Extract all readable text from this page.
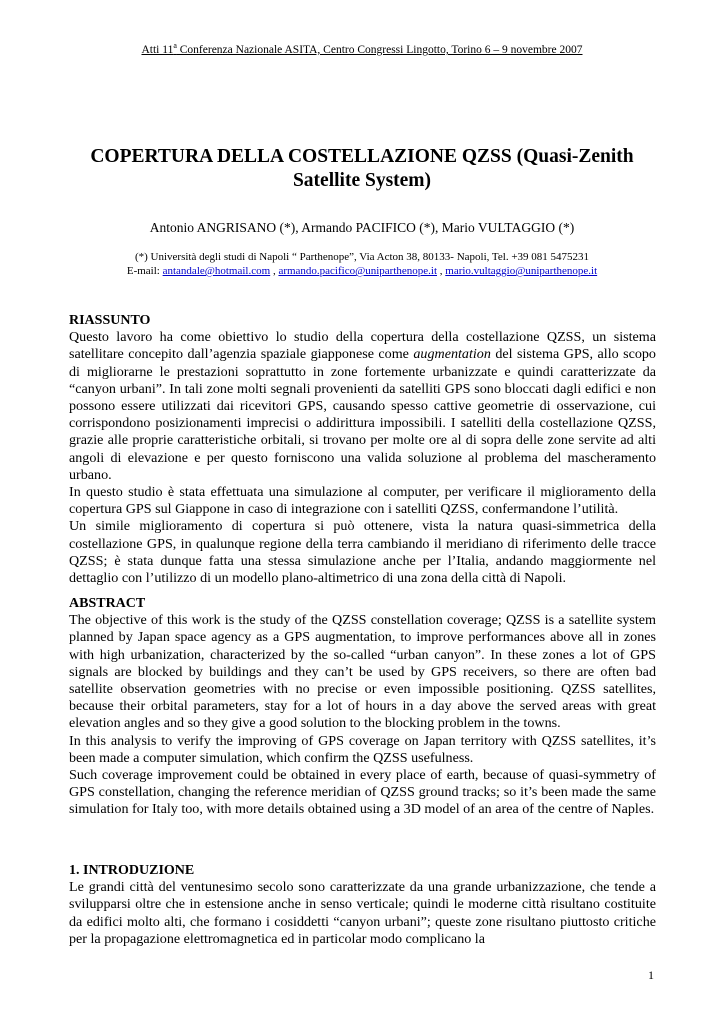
Atti 11$^a$ Conferenza Nazionale ASITA, Centro Congressi Lingotto, Torino 6 – 9 novembre 2007
COPERTURA DELLA COSTELLAZIONE QZSS (Quasi-Zenith Satellite System)
Antonio ANGRISANO (*), Armando PACIFICO (*), Mario VULTAGGIO (*)
(*) Università degli studi di Napoli “ Parthenope”, Via Acton 38, 80133- Napoli, Tel. +39 081 5475231
E-mail: antandale@hotmail.com , armando.pacifico@uniparthenope.it , mario.vultaggio@uniparthenope.it
RIASSUNTO

Questo lavoro ha come obiettivo lo studio della copertura della costellazione QZSS, un sistema satellitare concepito dall’agenzia spaziale giapponese come augmentation del sistema GPS, allo scopo di migliorarne le prestazioni soprattutto in zone fortemente urbanizzate e quindi caratterizzate da “canyon urbani”. In tali zone molti segnali provenienti da satelliti GPS sono bloccati dagli edifici e non possono essere utilizzati dai ricevitori GPS, causando spesso cattive geometrie di osservazione, cui corrispondono posizionamenti imprecisi o addirittura impossibili. I satelliti della costellazione QZSS, grazie alle proprie caratteristiche orbitali, si trovano per molte ore al di sopra delle zone servite ad alti angoli di elevazione e per questo forniscono una valida soluzione al problema del mascheramento urbano.

In questo studio è stata effettuata una simulazione al computer, per verificare il miglioramento della copertura GPS sul Giappone in caso di integrazione con i satelliti QZSS, confermandone l’utilità.

Un simile miglioramento di copertura si può ottenere, vista la natura quasi-simmetrica della costellazione GPS, in qualunque regione della terra cambiando il meridiano di riferimento delle tracce QZSS; è stata dunque fatta una stessa simulazione anche per l’Italia, andando maggiormente nel dettaglio con l’utilizzo di un modello plano-altimetrico di una zona della città di Napoli.

ABSTRACT

The objective of this work is the study of the QZSS constellation coverage; QZSS is a satellite system planned by Japan space agency as a GPS augmentation, to improve performances above all in zones with high urbanization, characterized by the so-called “urban canyon”. In these zones a lot of GPS signals are blocked by buildings and they can’t be used by GPS receivers, so there are often bad satellite observation geometries with no precise or even impossible positioning. QZSS satellites, because their orbital parameters, stay for a lot of hours in a day above the served areas with great elevation angles and so they give a good solution to the blocking problem in the towns.

In this analysis to verify the improving of GPS coverage on Japan territory with QZSS satellites, it’s been made a computer simulation, which confirm the QZSS usefulness.

Such coverage improvement could be obtained in every place of earth, because of quasi-symmetry of GPS constellation, changing the reference meridian of QZSS ground tracks; so it’s been made the same simulation for Italy too, with more details obtained using a 3D model of an area of the centre of Naples.

1. INTRODUZIONE

Le grandi città del ventunesimo secolo sono caratterizzate da una grande urbanizzazione, che tende a svilupparsi oltre che in estensione anche in senso verticale; quindi le moderne città risultano costituite da edifici molto alti, che formano i cosiddetti “canyon urbani”; queste zone risultano piuttosto critiche per la propagazione elettromagnetica ed in particolar modo complicano la

1
